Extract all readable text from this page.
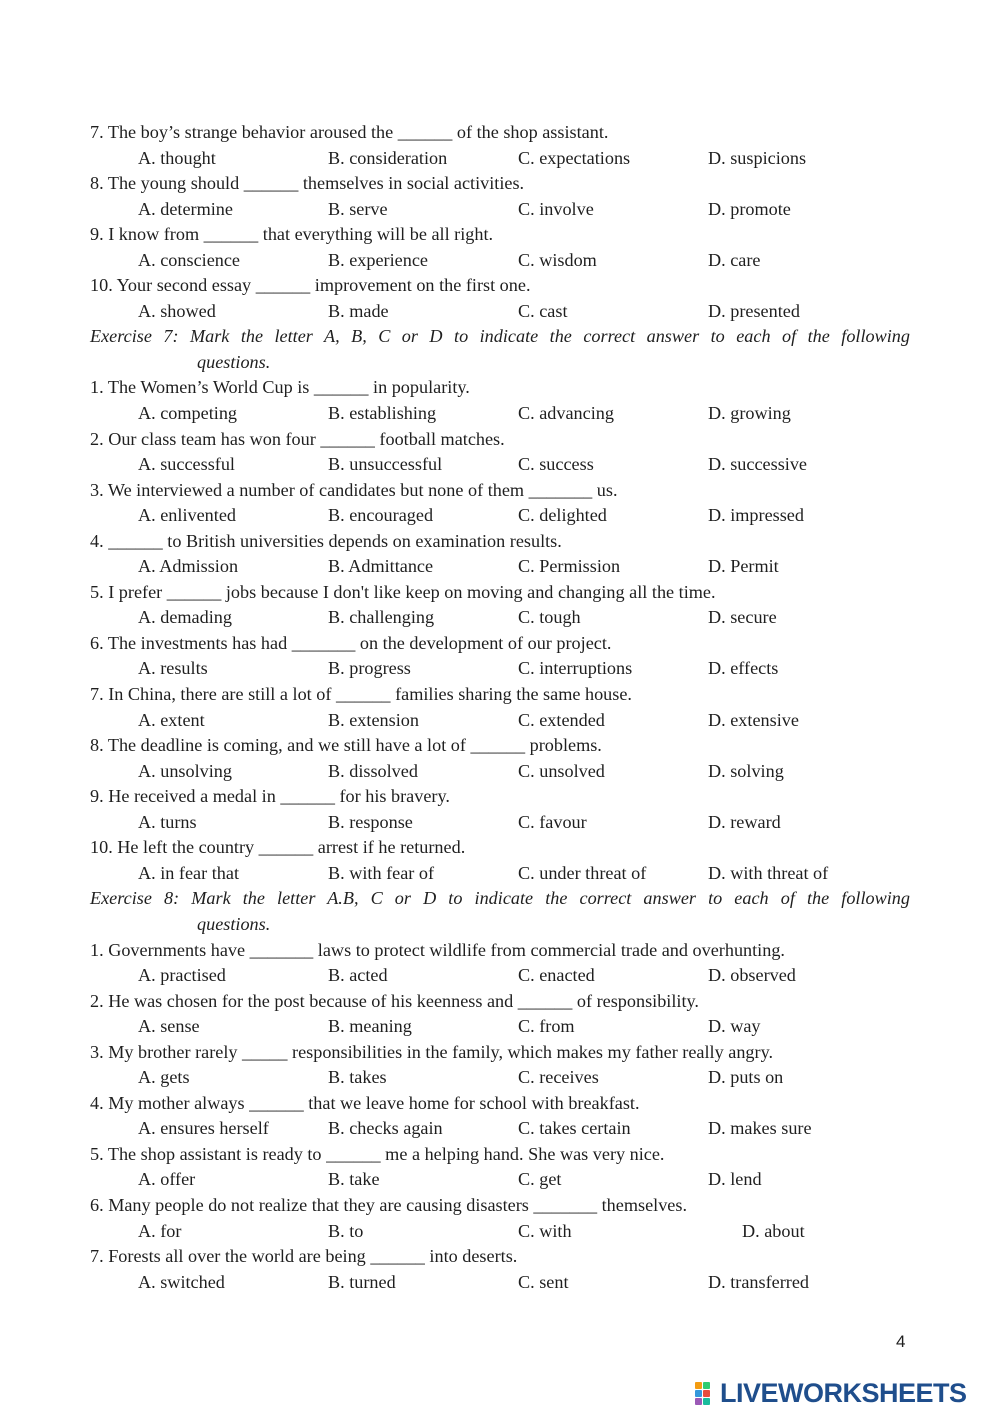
7. The boy’s strange behavior aroused the ______ of the shop assistant.
A. thought	B. consideration	C. expectations	D. suspicions
8. The young should ______ themselves in social activities.
A. determine	B. serve	C. involve	D. promote
9. I know from ______ that everything will be all right.
A. conscience	B. experience	C. wisdom	D. care
10. Your second essay ______ improvement on the first one.
A. showed	B. made	C. cast	D. presented
Exercise 7: Mark the letter A, B, C or D to indicate the correct answer to each of the following
questions.
1. The Women’s World Cup is ______ in popularity.
A. competing	B. establishing	C. advancing	D. growing
2. Our class team has won four ______ football matches.
A. successful	B. unsuccessful	C. success	D. successive
3. We interviewed a number of candidates but none of them _______ us.
A. enlivented	B. encouraged	C. delighted	D. impressed
4. ______ to British universities depends on examination results.
A. Admission	B. Admittance	C. Permission	D. Permit
5. I prefer ______ jobs because I don't like keep on moving and changing all the time.
A. demading	B. challenging	C. tough	D. secure
6. The investments has had _______ on the development of our project.
A. results	B. progress	C. interruptions	D. effects
7. In China, there are still a lot of ______ families sharing the same house.
A. extent	B. extension	C. extended	D. extensive
8. The deadline is coming, and we still have a lot of ______ problems.
A. unsolving	B. dissolved	C. unsolved	D. solving
9. He received a medal in ______ for his bravery.
A. turns	B. response	C. favour	D. reward
10. He left the country ______ arrest if he returned.
A. in fear that	B. with fear of	C. under threat of	D. with threat of
Exercise 8: Mark the letter A.B, C or D to indicate the correct answer to each of the following
questions.
1. Governments have _______ laws to protect wildlife from commercial trade and overhunting.
A. practised	B. acted	C. enacted	D. observed
2. He was chosen for the post because of his keenness and ______ of responsibility.
A. sense	B. meaning	C. from	D. way
3. My brother rarely _____ responsibilities in the family, which makes my father really angry.
A. gets	B. takes	C. receives	D. puts on
4. My mother always ______ that we leave home for school with breakfast.
A. ensures herself	B. checks again	C. takes certain	D. makes sure
5. The shop assistant is ready to ______ me a helping hand. She was very nice.
A. offer	B. take	C. get	D. lend
6. Many people do not realize that they are causing disasters _______ themselves.
A. for	B. to	C. with	D. about
7. Forests all over the world are being ______ into deserts.
A. switched	B. turned	C. sent	D. transferred
4
LIVEWORKSHEETS
